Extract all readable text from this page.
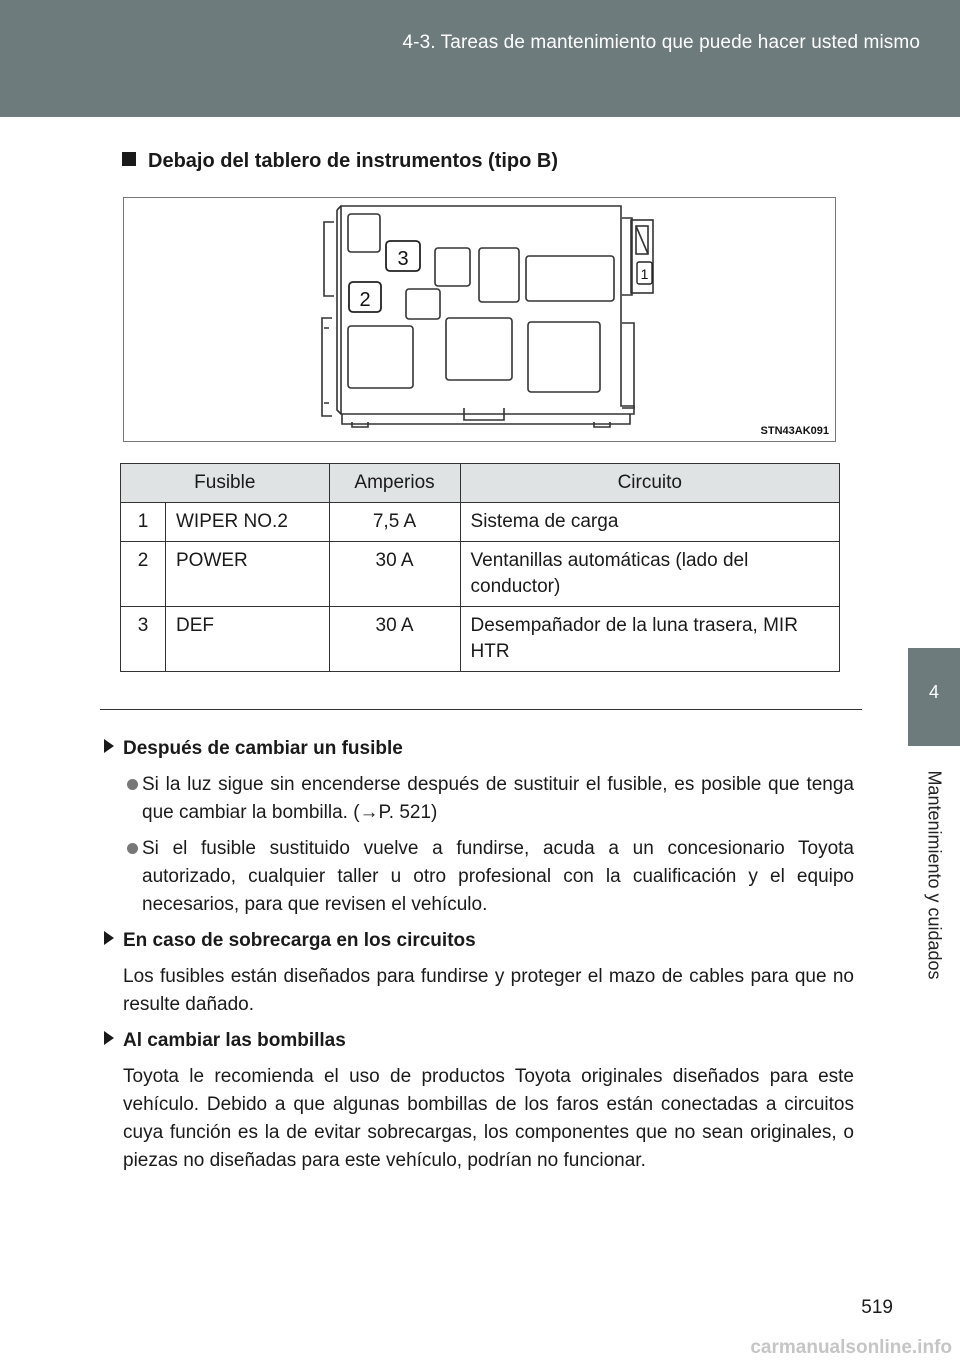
4-3. Tareas de mantenimiento que puede hacer usted mismo
4
Mantenimiento y cuidados
Debajo del tablero de instrumentos (tipo B)
3
2
1
STN43AK091
Fusible		Amperios	Circuito
1	WIPER NO.2	7,5 A	Sistema de carga
2	POWER	30 A	Ventanillas automáticas (lado del conductor)
3	DEF	30 A	Desempañador de la luna trasera, MIR HTR

Después de cambiar un fusible

Si la luz sigue sin encenderse después de sustituir el fusible, es posible que tenga que cambiar la bombilla. (→P. 521)

Si el fusible sustituido vuelve a fundirse, acuda a un concesionario Toyota autorizado, cualquier taller u otro profesional con la cualificación y el equipo necesarios, para que revisen el vehículo.

En caso de sobrecarga en los circuitos

Los fusibles están diseñados para fundirse y proteger el mazo de cables para que no resulte dañado.

Al cambiar las bombillas

Toyota le recomienda el uso de productos Toyota originales diseñados para este vehículo. Debido a que algunas bombillas de los faros están conectadas a circuitos cuya función es la de evitar sobrecargas, los componentes que no sean originales, o piezas no diseñadas para este vehículo, podrían no funcionar.

519
carmanualsonline.info
